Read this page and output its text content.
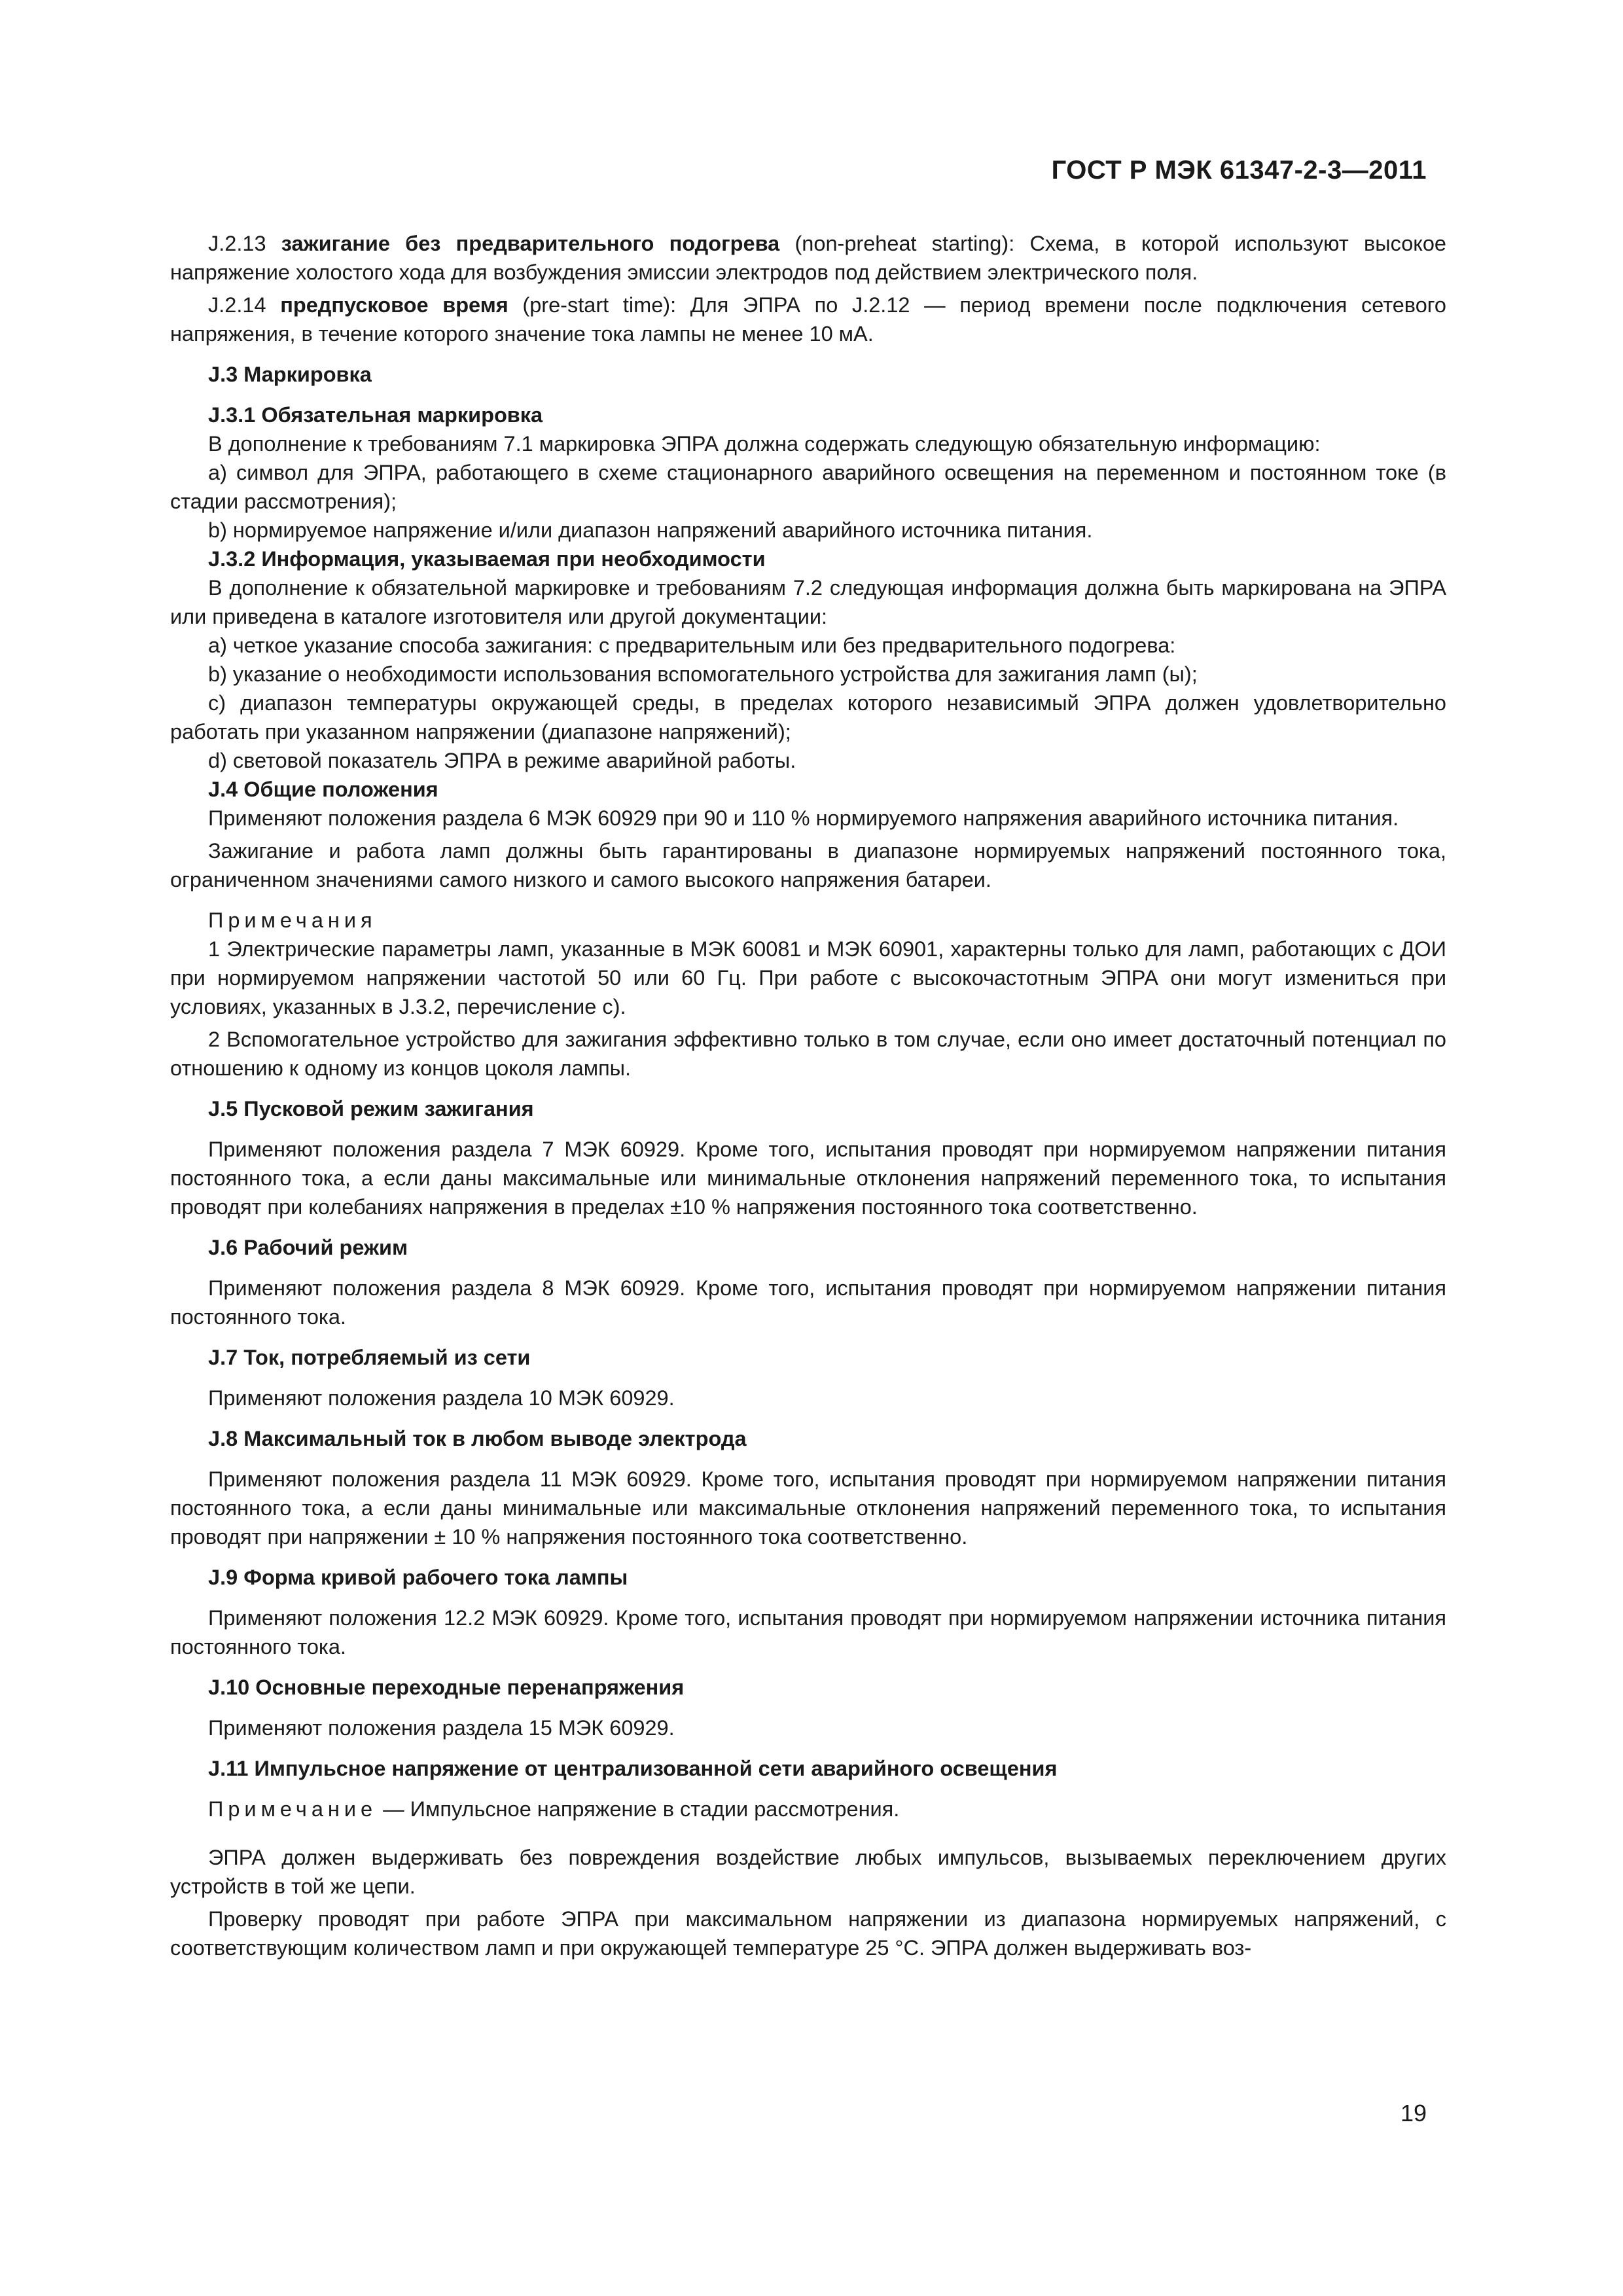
ГОСТ Р МЭК 61347-2-3—2011

J.2.13 зажигание без предварительного подогрева (non-preheat starting): Схема, в которой используют высокое напряжение холостого хода для возбуждения эмиссии электродов под действием электрического поля.

J.2.14 предпусковое время (pre-start time): Для ЭПРА по J.2.12 — период времени после подключения сетевого напряжения, в течение которого значение тока лампы не менее 10 мА.

J.3 Маркировка

J.3.1 Обязательная маркировка

В дополнение к требованиям 7.1 маркировка ЭПРА должна содержать следующую обязательную информацию:

a) символ для ЭПРА, работающего в схеме стационарного аварийного освещения на переменном и постоянном токе (в стадии рассмотрения);

b) нормируемое напряжение и/или диапазон напряжений аварийного источника питания.

J.3.2 Информация, указываемая при необходимости

В дополнение к обязательной маркировке и требованиям 7.2 следующая информация должна быть маркирована на ЭПРА или приведена в каталоге изготовителя или другой документации:

a) четкое указание способа зажигания: с предварительным или без предварительного подогрева:

b) указание о необходимости использования вспомогательного устройства для зажигания ламп (ы);

c) диапазон температуры окружающей среды, в пределах которого независимый ЭПРА должен удовлетворительно работать при указанном напряжении (диапазоне напряжений);

d) световой показатель ЭПРА в режиме аварийной работы.

J.4 Общие положения

Применяют положения раздела 6 МЭК 60929 при 90 и 110 % нормируемого напряжения аварийного источника питания.

Зажигание и работа ламп должны быть гарантированы в диапазоне нормируемых напряжений постоянного тока, ограниченном значениями самого низкого и самого высокого напряжения батареи.

Примечания

1 Электрические параметры ламп, указанные в МЭК 60081 и МЭК 60901, характерны только для ламп, работающих с ДОИ при нормируемом напряжении частотой 50 или 60 Гц. При работе с высокочастотным ЭПРА они могут измениться при условиях, указанных в J.3.2, перечисление c).

2 Вспомогательное устройство для зажигания эффективно только в том случае, если оно имеет достаточный потенциал по отношению к одному из концов цоколя лампы.

J.5 Пусковой режим зажигания

Применяют положения раздела 7 МЭК 60929. Кроме того, испытания проводят при нормируемом напряжении питания постоянного тока, а если даны максимальные или минимальные отклонения напряжений переменного тока, то испытания проводят при колебаниях напряжения в пределах ±10 % напряжения постоянного тока соответственно.

J.6 Рабочий режим

Применяют положения раздела 8 МЭК 60929. Кроме того, испытания проводят при нормируемом напряжении питания постоянного тока.

J.7 Ток, потребляемый из сети

Применяют положения раздела 10 МЭК 60929.

J.8 Максимальный ток в любом выводе электрода

Применяют положения раздела 11 МЭК 60929. Кроме того, испытания проводят при нормируемом напряжении питания постоянного тока, а если даны минимальные или максимальные отклонения напряжений переменного тока, то испытания проводят при напряжении ± 10 % напряжения постоянного тока соответственно.

J.9 Форма кривой рабочего тока лампы

Применяют положения 12.2 МЭК 60929. Кроме того, испытания проводят при нормируемом напряжении источника питания постоянного тока.

J.10 Основные переходные перенапряжения

Применяют положения раздела 15 МЭК 60929.

J.11 Импульсное напряжение от централизованной сети аварийного освещения

Примечание — Импульсное напряжение в стадии рассмотрения.

ЭПРА должен выдерживать без повреждения воздействие любых импульсов, вызываемых переключением других устройств в той же цепи.

Проверку проводят при работе ЭПРА при максимальном напряжении из диапазона нормируемых напряжений, с соответствующим количеством ламп и при окружающей температуре 25 °С. ЭПРА должен выдерживать воз-

19
